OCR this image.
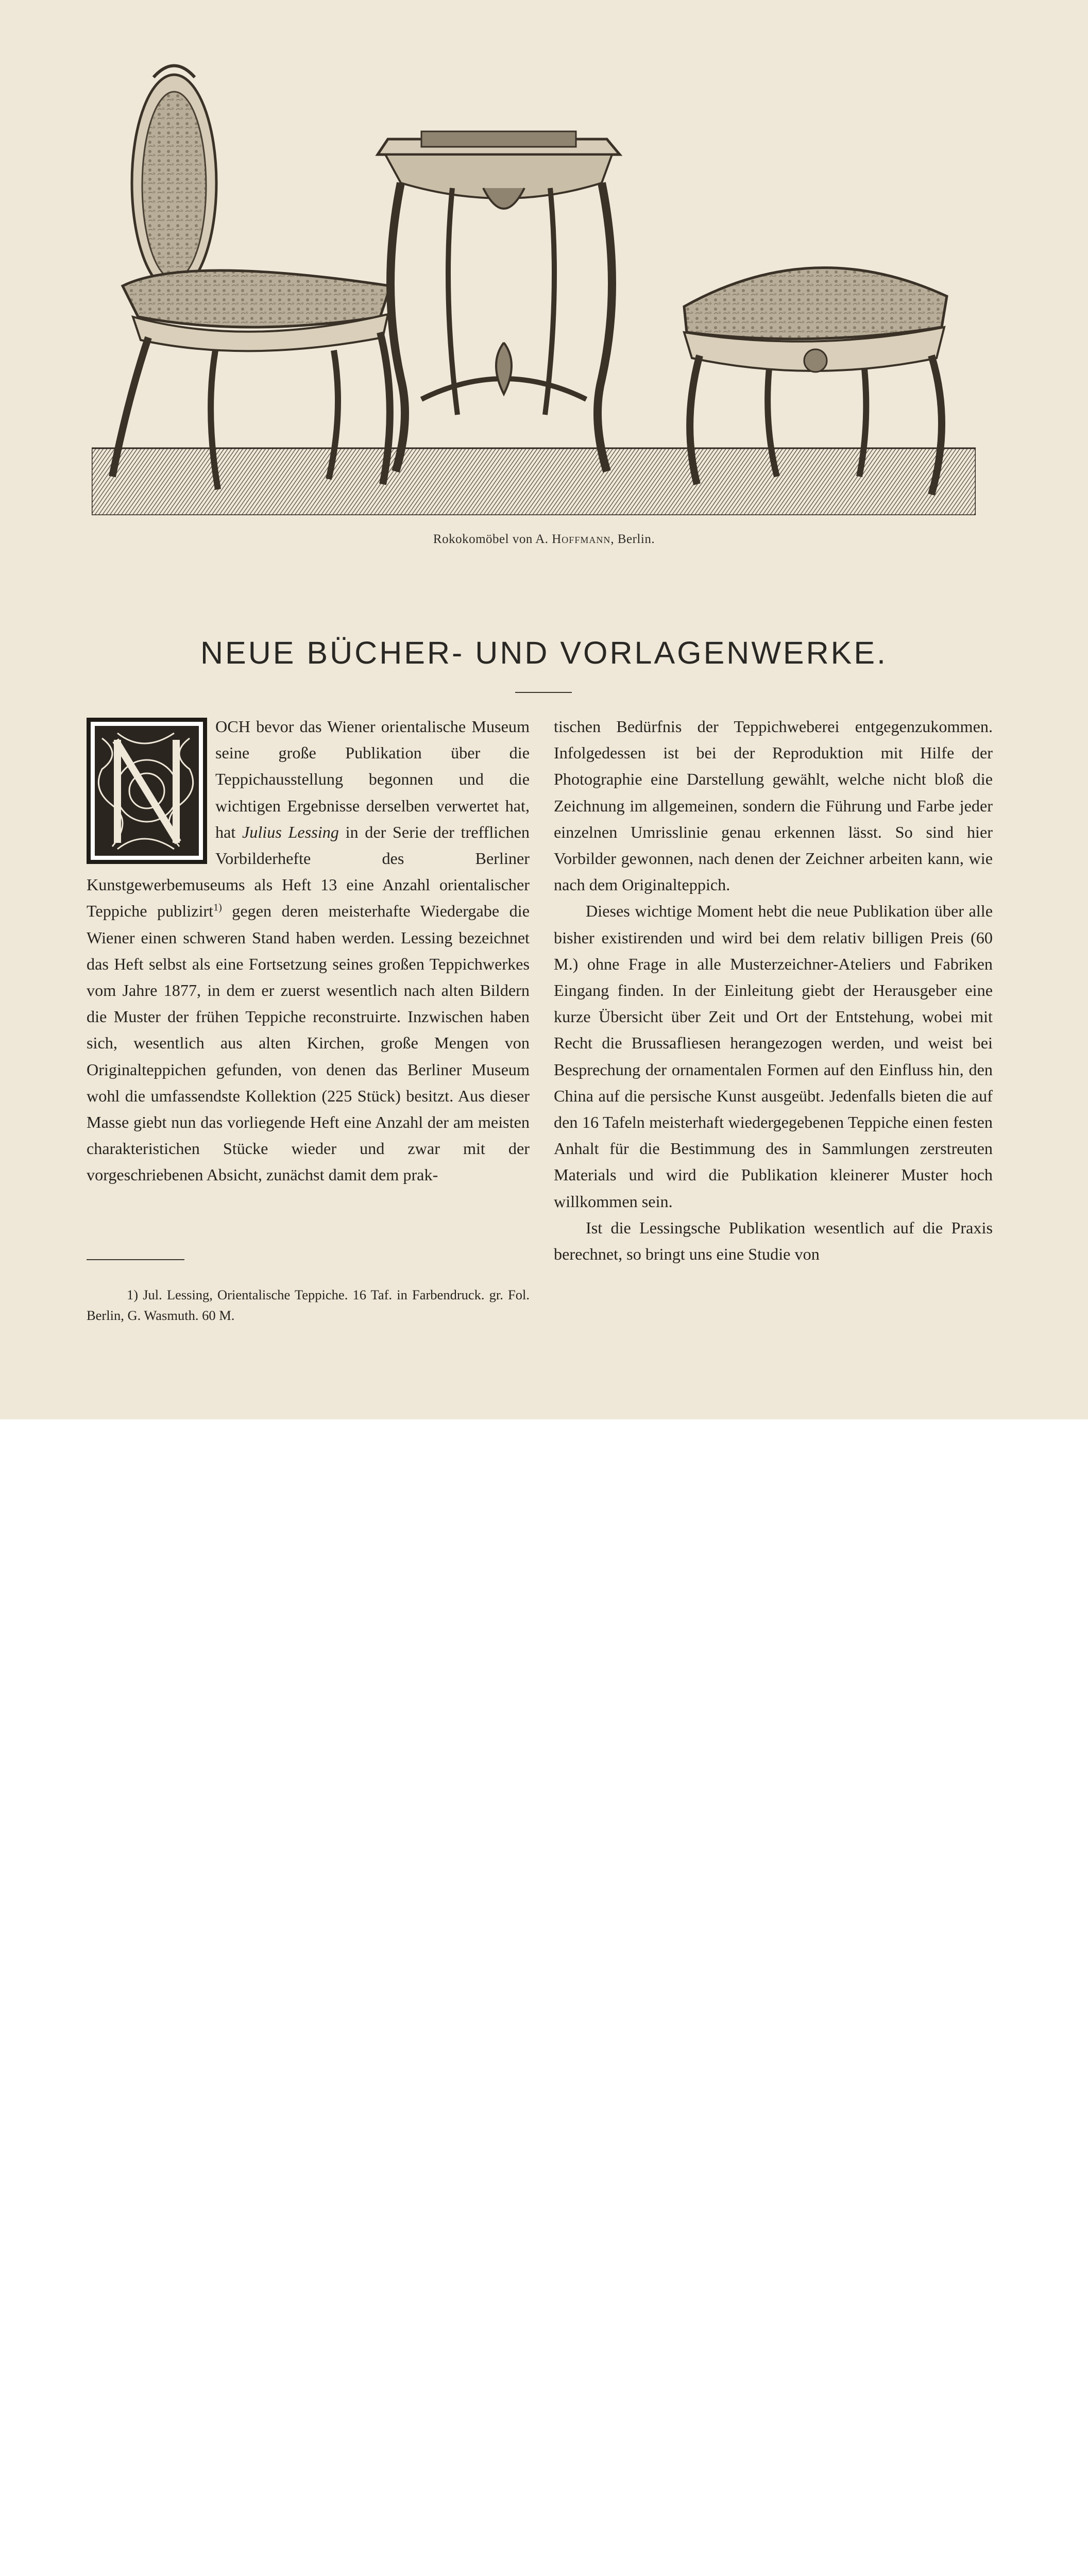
Rokokomöbel von A. Hoffmann, Berlin.
NEUE BÜCHER- UND VORLAGENWERKE.

OCH bevor das Wiener orientalische Museum seine große Publikation über die Teppichausstellung begonnen und die wichtigen Ergebnisse derselben verwertet hat, hat Julius Lessing in der Serie der trefflichen Vorbilderhefte des Berliner Kunstgewerbemuseums als Heft 13 eine Anzahl orientalischer Teppiche publizirt$^{1)}$ gegen deren meisterhafte Wiedergabe die Wiener einen schweren Stand haben werden. Lessing bezeichnet das Heft selbst als eine Fortsetzung seines großen Teppichwerkes vom Jahre 1877, in dem er zuerst wesentlich nach alten Bildern die Muster der frühen Teppiche reconstruirte. Inzwischen haben sich, wesentlich aus alten Kirchen, große Mengen von Originalteppichen gefunden, von denen das Berliner Museum wohl die umfassendste Kollektion (225 Stück) besitzt. Aus dieser Masse giebt nun das vorliegende Heft eine Anzahl der am meisten charakteristichen Stücke wieder und zwar mit der vorgeschriebenen Absicht, zunächst damit dem prak-

tischen Bedürfnis der Teppichweberei entgegenzukommen. Infolgedessen ist bei der Reproduktion mit Hilfe der Photographie eine Darstellung gewählt, welche nicht bloß die Zeichnung im allgemeinen, sondern die Führung und Farbe jeder einzelnen Umrisslinie genau erkennen lässt. So sind hier Vorbilder gewonnen, nach denen der Zeichner arbeiten kann, wie nach dem Originalteppich.

Dieses wichtige Moment hebt die neue Publikation über alle bisher existirenden und wird bei dem relativ billigen Preis (60 M.) ohne Frage in alle Musterzeichner-Ateliers und Fabriken Eingang finden. In der Einleitung giebt der Herausgeber eine kurze Übersicht über Zeit und Ort der Entstehung, wobei mit Recht die Brussafliesen herangezogen werden, und weist bei Besprechung der ornamentalen Formen auf den Einfluss hin, den China auf die persische Kunst ausgeübt. Jedenfalls bieten die auf den 16 Tafeln meisterhaft wiedergegebenen Teppiche einen festen Anhalt für die Bestimmung des in Sammlungen zerstreuten Materials und wird die Publikation kleinerer Muster hoch willkommen sein.

Ist die Lessingsche Publikation wesentlich auf die Praxis berechnet, so bringt uns eine Studie von

1) Jul. Lessing, Orientalische Teppiche. 16 Taf. in Farbendruck. gr. Fol. Berlin, G. Wasmuth. 60 M.
